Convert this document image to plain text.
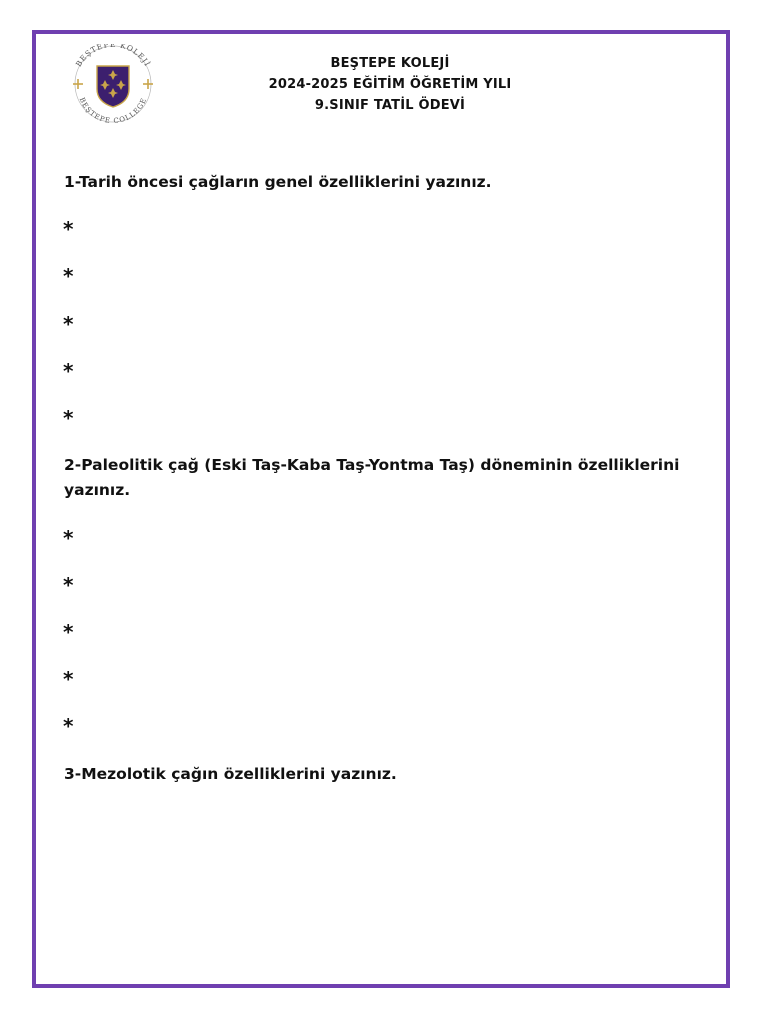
BEŞTEPE KOLEJİ
BEŞTEPE COLLEGE
BEŞTEPE KOLEJİ
2024-2025 EĞİTİM ÖĞRETİM YILI
9.SINIF TATİL ÖDEVİ
1-Tarih öncesi çağların genel özelliklerini yazınız.
*
*
*
*
*
2-Paleolitik çağ (Eski Taş-Kaba Taş-Yontma Taş) döneminin özelliklerini yazınız.
*
*
*
*
*
3-Mezolotik çağın özelliklerini yazınız.
